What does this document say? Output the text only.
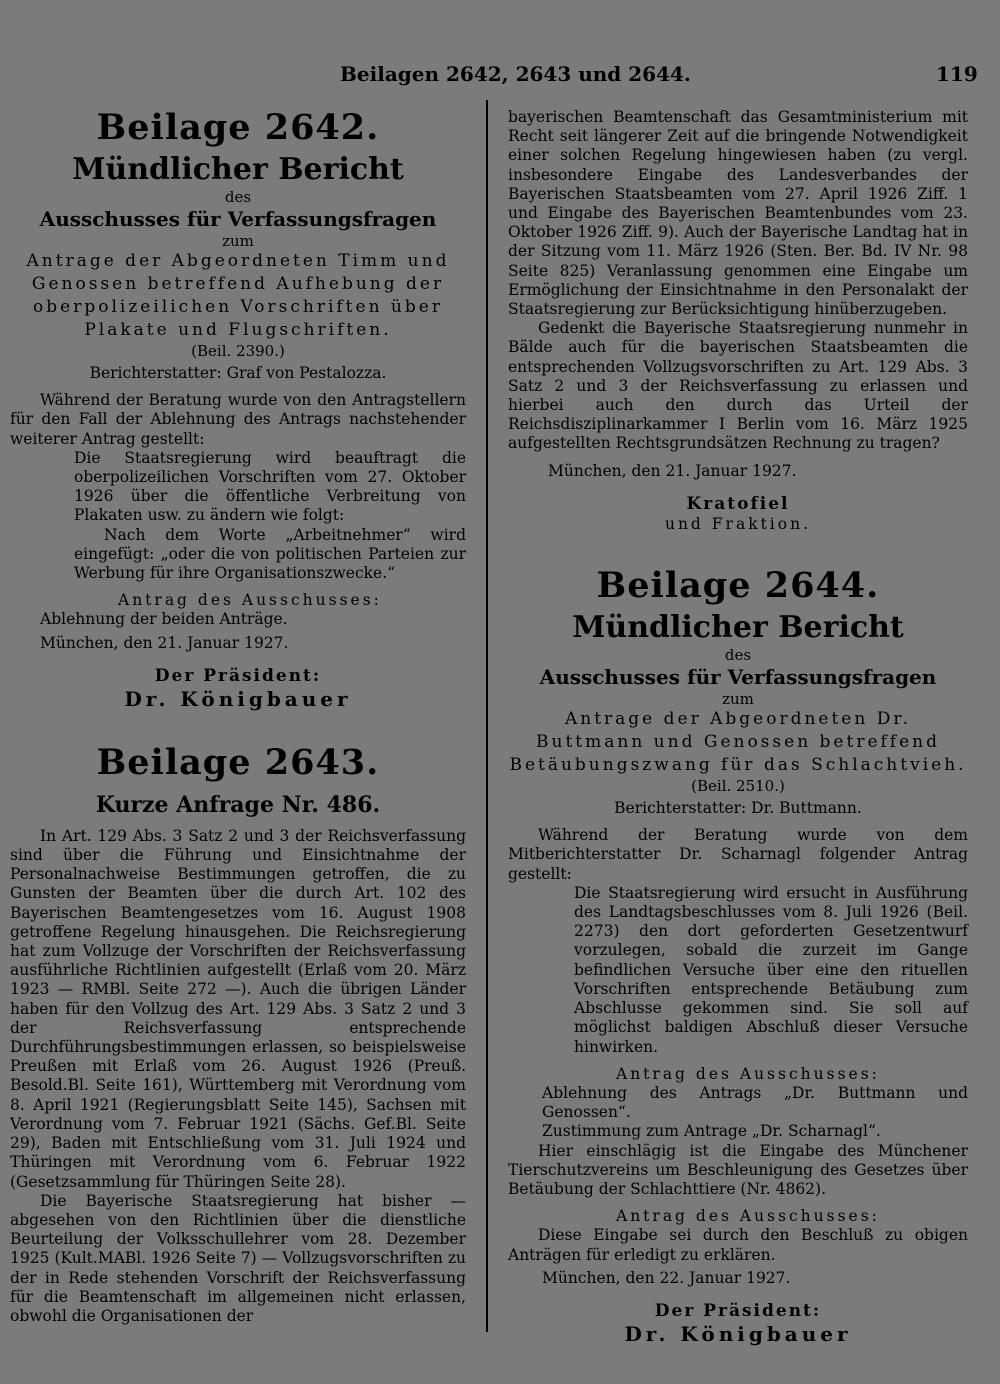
Beilagen 2642, 2643 und 2644.	119
Beilage 2642.
Mündlicher Bericht
des
Ausschusses für Verfassungsfragen
zum

Antrage der Abgeordneten Timm und Genossen betreffend Aufhebung der oberpolizeilichen Vorschriften über Plakate und Flugschriften.

(Beil. 2390.)

Berichterstatter: Graf von Pestalozza.

Während der Beratung wurde von den Antragstellern für den Fall der Ablehnung des Antrags nachstehender weiterer Antrag gestellt:

Die Staatsregierung wird beauftragt die oberpolizeilichen Vorschriften vom 27. Oktober 1926 über die öffentliche Verbreitung von Plakaten usw. zu ändern wie folgt:

Nach dem Worte „Arbeitnehmer“ wird eingefügt: „oder die von politischen Parteien zur Werbung für ihre Organisationszwecke.“

Antrag des Ausschusses:

Ablehnung der beiden Anträge.

München, den 21. Januar 1927.

Der Präsident:
Dr. Königbauer
Beilage 2643.
Kurze Anfrage Nr. 486.

In Art. 129 Abs. 3 Satz 2 und 3 der Reichsverfassung sind über die Führung und Einsichtnahme der Personalnachweise Bestimmungen getroffen, die zu Gunsten der Beamten über die durch Art. 102 des Bayerischen Beamtengesetzes vom 16. August 1908 getroffene Regelung hinausgehen. Die Reichsregierung hat zum Vollzuge der Vorschriften der Reichsverfassung ausführliche Richtlinien aufgestellt (Erlaß vom 20. März 1923 — RMBl. Seite 272 —). Auch die übrigen Länder haben für den Vollzug des Art. 129 Abs. 3 Satz 2 und 3 der Reichsverfassung entsprechende Durchführungsbestimmungen erlassen, so beispielsweise Preußen mit Erlaß vom 26. August 1926 (Preuß. Besold.Bl. Seite 161), Württemberg mit Verordnung vom 8. April 1921 (Regierungsblatt Seite 145), Sachsen mit Verordnung vom 7. Februar 1921 (Sächs. Gef.Bl. Seite 29), Baden mit Entschließung vom 31. Juli 1924 und Thüringen mit Verordnung vom 6. Februar 1922 (Gesetzsammlung für Thüringen Seite 28).

Die Bayerische Staatsregierung hat bisher — abgesehen von den Richtlinien über die dienstliche Beurteilung der Volksschullehrer vom 28. Dezember 1925 (Kult.MABl. 1926 Seite 7) — Vollzugsvorschriften zu der in Rede stehenden Vorschrift der Reichsverfassung für die Beamtenschaft im allgemeinen nicht erlassen, obwohl die Organisationen der

bayerischen Beamtenschaft das Gesamtministerium mit Recht seit längerer Zeit auf die bringende Notwendigkeit einer solchen Regelung hingewiesen haben (zu vergl. insbesondere Eingabe des Landesverbandes der Bayerischen Staatsbeamten vom 27. April 1926 Ziff. 1 und Eingabe des Bayerischen Beamtenbundes vom 23. Oktober 1926 Ziff. 9). Auch der Bayerische Landtag hat in der Sitzung vom 11. März 1926 (Sten. Ber. Bd. IV Nr. 98 Seite 825) Veranlassung genommen eine Eingabe um Ermöglichung der Einsichtnahme in den Personalakt der Staatsregierung zur Berücksichtigung hinüberzugeben.

Gedenkt die Bayerische Staatsregierung nunmehr in Bälde auch für die bayerischen Staatsbeamten die entsprechenden Vollzugsvorschriften zu Art. 129 Abs. 3 Satz 2 und 3 der Reichsverfassung zu erlassen und hierbei auch den durch das Urteil der Reichsdisziplinarkammer I Berlin vom 16. März 1925 aufgestellten Rechtsgrundsätzen Rechnung zu tragen?

München, den 21. Januar 1927.

Kratofiel

und Fraktion.

Beilage 2644.
Mündlicher Bericht
des
Ausschusses für Verfassungsfragen
zum

Antrage der Abgeordneten Dr. Buttmann und Genossen betreffend Betäubungszwang für das Schlachtvieh.

(Beil. 2510.)

Berichterstatter: Dr. Buttmann.

Während der Beratung wurde von dem Mitberichterstatter Dr. Scharnagl folgender Antrag gestellt:

Die Staatsregierung wird ersucht in Ausführung des Landtagsbeschlusses vom 8. Juli 1926 (Beil. 2273) den dort geforderten Gesetzentwurf vorzulegen, sobald die zurzeit im Gange befindlichen Versuche über eine den rituellen Vorschriften entsprechende Betäubung zum Abschlusse gekommen sind. Sie soll auf möglichst baldigen Abschluß dieser Versuche hinwirken.

Antrag des Ausschusses:

Ablehnung des Antrags „Dr. Buttmann und Genossen“.

Zustimmung zum Antrage „Dr. Scharnagl“.

Hier einschlägig ist die Eingabe des Münchener Tierschutzvereins um Beschleunigung des Gesetzes über Betäubung der Schlachttiere (Nr. 4862).

Antrag des Ausschusses:

Diese Eingabe sei durch den Beschluß zu obigen Anträgen für erledigt zu erklären.

München, den 22. Januar 1927.

Der Präsident:
Dr. Königbauer
